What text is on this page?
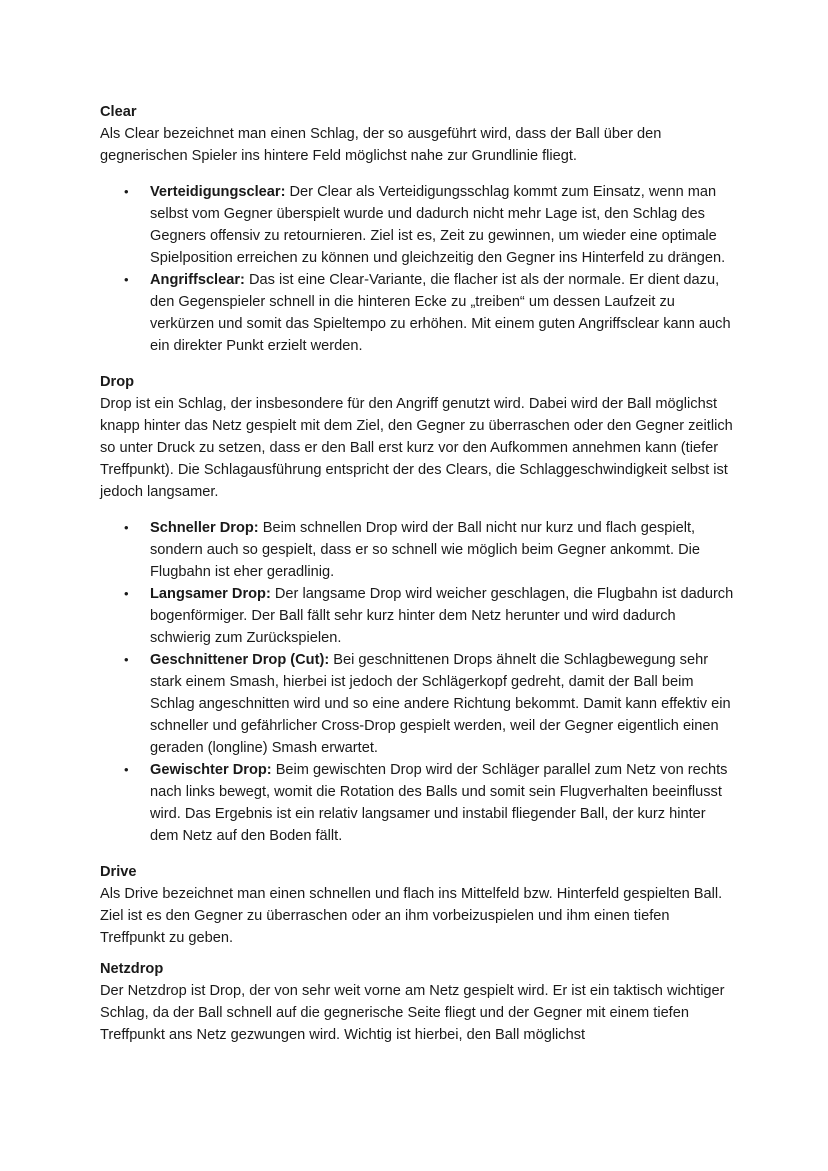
Clear

Als Clear bezeichnet man einen Schlag, der so ausgeführt wird, dass der Ball über den gegnerischen Spieler ins hintere Feld möglichst nahe zur Grundlinie fliegt.

• Verteidigungsclear: Der Clear als Verteidigungsschlag kommt zum Einsatz, wenn man selbst vom Gegner überspielt wurde und dadurch nicht mehr Lage ist, den Schlag des Gegners offensiv zu retournieren. Ziel ist es, Zeit zu gewinnen, um wieder eine optimale Spielposition erreichen zu können und gleichzeitig den Gegner ins Hinterfeld zu drängen.
• Angriffsclear: Das ist eine Clear-Variante, die flacher ist als der normale. Er dient dazu, den Gegenspieler schnell in die hinteren Ecke zu „treiben“ um dessen Laufzeit zu verkürzen und somit das Spieltempo zu erhöhen. Mit einem guten Angriffsclear kann auch ein direkter Punkt erzielt werden.

Drop

Drop ist ein Schlag, der insbesondere für den Angriff genutzt wird. Dabei wird der Ball möglichst knapp hinter das Netz gespielt mit dem Ziel, den Gegner zu überraschen oder den Gegner zeitlich so unter Druck zu setzen, dass er den Ball erst kurz vor den Aufkommen annehmen kann (tiefer Treffpunkt). Die Schlagausführung entspricht der des Clears, die Schlaggeschwindigkeit selbst ist jedoch langsamer.

• Schneller Drop: Beim schnellen Drop wird der Ball nicht nur kurz und flach gespielt, sondern auch so gespielt, dass er so schnell wie möglich beim Gegner ankommt. Die Flugbahn ist eher geradlinig.
• Langsamer Drop: Der langsame Drop wird weicher geschlagen, die Flugbahn ist dadurch bogenförmiger. Der Ball fällt sehr kurz hinter dem Netz herunter und wird dadurch schwierig zum Zurückspielen.
• Geschnittener Drop (Cut): Bei geschnittenen Drops ähnelt die Schlagbewegung sehr stark einem Smash, hierbei ist jedoch der Schlägerkopf gedreht, damit der Ball beim Schlag angeschnitten wird und so eine andere Richtung bekommt. Damit kann effektiv ein schneller und gefährlicher Cross-Drop gespielt werden, weil der Gegner eigentlich einen geraden (longline) Smash erwartet.
• Gewischter Drop: Beim gewischten Drop wird der Schläger parallel zum Netz von rechts nach links bewegt, womit die Rotation des Balls und somit sein Flugverhalten beeinflusst wird. Das Ergebnis ist ein relativ langsamer und instabil fliegender Ball, der kurz hinter dem Netz auf den Boden fällt.

Drive

Als Drive bezeichnet man einen schnellen und flach ins Mittelfeld bzw. Hinterfeld gespielten Ball. Ziel ist es den Gegner zu überraschen oder an ihm vorbeizuspielen und ihm einen tiefen Treffpunkt zu geben.

Netzdrop

Der Netzdrop ist Drop, der von sehr weit vorne am Netz gespielt wird. Er ist ein taktisch wichtiger Schlag, da der Ball schnell auf die gegnerische Seite fliegt und der Gegner mit einem tiefen Treffpunkt ans Netz gezwungen wird. Wichtig ist hierbei, den Ball möglichst
